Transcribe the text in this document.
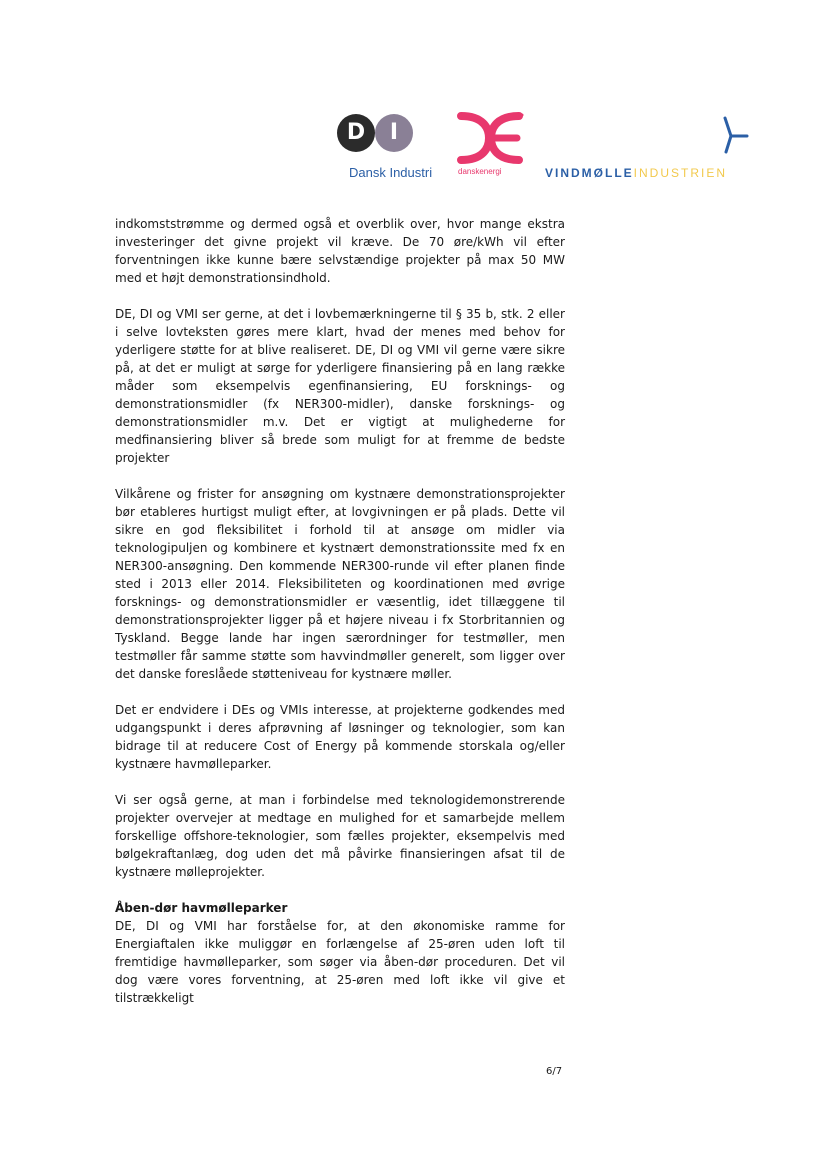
D	I
Dansk Industri	danskenergi	VINDMØLLEINDUSTRIEN

indkomststrømme og dermed også et overblik over, hvor mange ekstra investeringer det givne projekt vil kræve. De 70 øre/kWh vil efter forventningen ikke kunne bære selvstændige projekter på max 50 MW med et højt demonstrationsindhold.

DE, DI og VMI ser gerne, at det i lovbemærkningerne til § 35 b, stk. 2 eller i selve lovteksten gøres mere klart, hvad der menes med behov for yderligere støtte for at blive realiseret. DE, DI og VMI vil gerne være sikre på, at det er muligt at sørge for yderligere finansiering på en lang række måder som eksempelvis egenfinansiering, EU forsknings- og demonstrationsmidler (fx NER300-midler), danske forsknings- og demonstrationsmidler m.v. Det er vigtigt at mulighederne for medfinansiering bliver så brede som muligt for at fremme de bedste projekter

Vilkårene og frister for ansøgning om kystnære demonstrationsprojekter bør etableres hurtigst muligt efter, at lovgivningen er på plads. Dette vil sikre en god fleksibilitet i forhold til at ansøge om midler via teknologipuljen og kombinere et kystnært demonstrationssite med fx en NER300-ansøgning. Den kommende NER300-runde vil efter planen finde sted i 2013 eller 2014. Fleksibiliteten og koordinationen med øvrige forsknings- og demonstrationsmidler er væsentlig, idet tillæggene til demonstrationsprojekter ligger på et højere niveau i fx Storbritannien og Tyskland. Begge lande har ingen særordninger for testmøller, men testmøller får samme støtte som havvindmøller generelt, som ligger over det danske foreslåede støtteniveau for kystnære møller.

Det er endvidere i DEs og VMIs interesse, at projekterne godkendes med udgangspunkt i deres afprøvning af løsninger og teknologier, som kan bidrage til at reducere Cost of Energy på kommende storskala og/eller kystnære havmølleparker.

Vi ser også gerne, at man i forbindelse med teknologidemonstrerende projekter overvejer at medtage en mulighed for et samarbejde mellem forskellige offshore-teknologier, som fælles projekter, eksempelvis med bølgekraftanlæg, dog uden det må påvirke finansieringen afsat til de kystnære mølleprojekter.

Åben-dør havmølleparker

DE, DI og VMI har forståelse for, at den økonomiske ramme for Energiaftalen ikke muliggør en forlængelse af 25-øren uden loft til fremtidige havmølleparker, som søger via åben-dør proceduren. Det vil dog være vores forventning, at 25-øren med loft ikke vil give et tilstrækkeligt

6/7
